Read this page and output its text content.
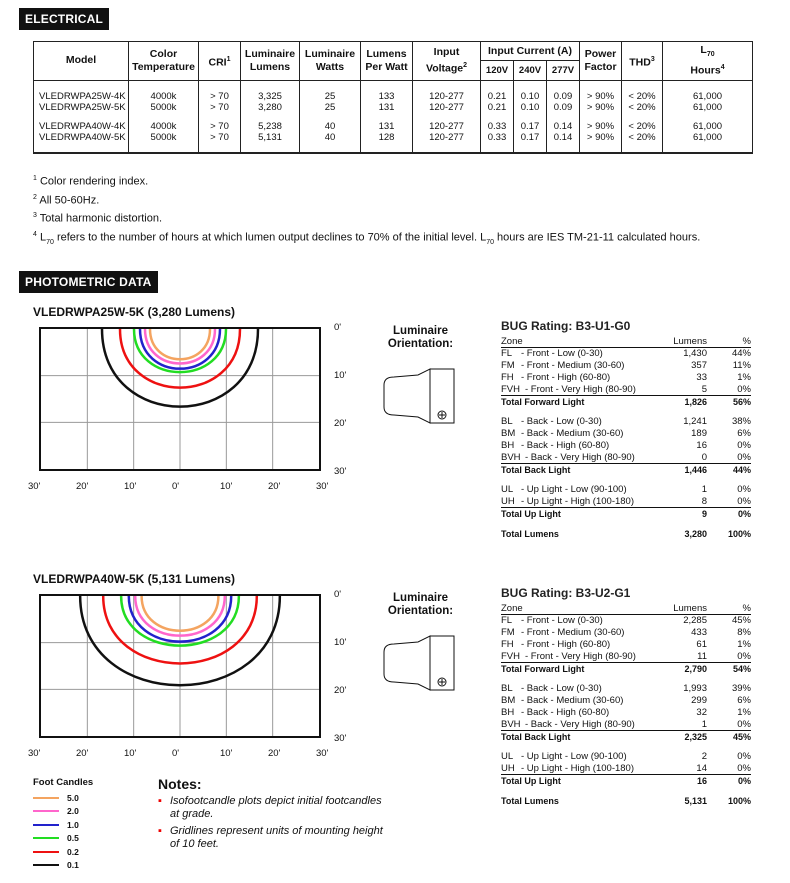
ELECTRICAL
Model	Color Temperature	CRI$^1$	Luminaire Lumens	Luminaire Watts	Lumens Per Watt	Input Voltage$^2$	Input Current (A)			Power Factor	THD$^3$	$L_{70}$
Hours$^4$
							120V	240V	277V			
VLEDRWPA25W-4K	4000k	> 70	3,325	25	133	120-277	0.21	0.10	0.09	> 90%	< 20%	61,000
VLEDRWPA25W-5K	5000k	> 70	3,280	25	131	120-277	0.21	0.10	0.09	> 90%	< 20%	61,000
VLEDRWPA40W-4K	4000k	> 70	5,238	40	131	120-277	0.33	0.17	0.14	> 90%	< 20%	61,000
VLEDRWPA40W-5K	5000k	> 70	5,131	40	128	120-277	0.33	0.17	0.14	> 90%	< 20%	61,000
$^1$ Color rendering index.
$^2$ All 50-60Hz.
$^3$ Total harmonic distortion.
$^4$ $L_{70}$ refers to the number of hours at which lumen output declines to 70% of the initial level. $L_{70}$ hours are IES TM-21-11 calculated hours.
PHOTOMETRIC DATA
VLEDRWPA25W-5K (3,280 Lumens)
0'
10'
20'
30'
30'	20'	10'	0'	10'	20'	30'
Luminaire Orientation:
BUG Rating: B3-U1-G0
Zone	Lumens	%
FL - Front - Low (0-30)	1,430	44%
FM - Front - Medium (30-60)	357	11%
FH - Front - High (60-80)	33	1%
FVH - Front - Very High (80-90)	5	0%
Total Forward Light	1,826	56%
BL - Back - Low (0-30)	1,241	38%
BM - Back - Medium (30-60)	189	6%
BH - Back - High (60-80)	16	0%
BVH - Back - Very High (80-90)	0	0%
Total Back Light	1,446	44%
UL - Up Light - Low (90-100)	1	0%
UH - Up Light - High (100-180)	8	0%
Total Up Light	9	0%
Total Lumens	3,280	100%
VLEDRWPA40W-5K (5,131 Lumens)
0'
10'
20'
30'
30'	20'	10'	0'	10'	20'	30'
Luminaire Orientation:
BUG Rating: B3-U2-G1
Zone	Lumens	%
FL - Front - Low (0-30)	2,285	45%
FM - Front - Medium (30-60)	433	8%
FH - Front - High (60-80)	61	1%
FVH - Front - Very High (80-90)	11	0%
Total Forward Light	2,790	54%
BL - Back - Low (0-30)	1,993	39%
BM - Back - Medium (30-60)	299	6%
BH - Back - High (60-80)	32	1%
BVH - Back - Very High (80-90)	1	0%
Total Back Light	2,325	45%
UL - Up Light - Low (90-100)	2	0%
UH - Up Light - High (100-180)	14	0%
Total Up Light	16	0%
Total Lumens	5,131	100%
Foot Candles
5.0
2.0
1.0
0.5
0.2
0.1
Notes:
▪ Isofootcandle plots depict initial footcandles at grade.
▪ Gridlines represent units of mounting height of 10 feet.
